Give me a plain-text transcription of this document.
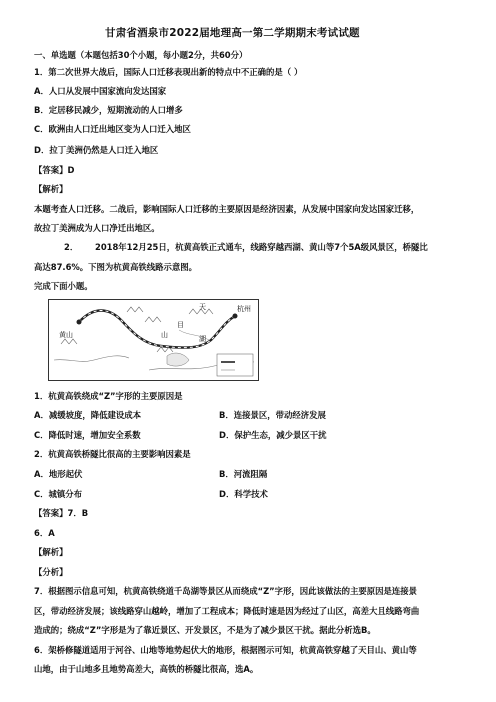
甘肃省酒泉市2022届地理高一第二学期期末考试试题
一、单选题（本题包括30个小题，每小题2分，共60分）
1．第二次世界大战后，国际人口迁移表现出新的特点中不正确的是（ ）
A．人口从发展中国家流向发达国家
B．定居移民减少，短期流动的人口增多
C．欧洲由人口迁出地区变为人口迁入地区
D．拉丁美洲仍然是人口迁入地区
【答案】D
【解析】
本题考查人口迁移。二战后，影响国际人口迁移的主要原因是经济因素，从发展中国家向发达国家迁移，
故拉丁美洲成为人口净迁出地区。
2． 2018年12月25日，杭黄高铁正式通车，线路穿越西湖、黄山等7个5A级风景区，桥隧比
高达87.6%。下图为杭黄高铁线路示意图。
完成下面小题。
黄山
杭州
天
目
山	湖
1．杭黄高铁绕成“Z”字形的主要原因是
A．减缓坡度，降低建设成本	B．连接景区，带动经济发展
C．降低时速，增加安全系数	D．保护生态，减少景区干扰
2．杭黄高铁桥隧比很高的主要影响因素是
A．地形起伏	B．河流阻隔
C．城镇分布	D．科学技术
【答案】7．B
6．A
【解析】
【分析】
7．根据图示信息可知，杭黄高铁绕道千岛湖等景区从而绕成“Z”字形，因此该做法的主要原因是连接景
区，带动经济发展；该线路穿山越岭，增加了工程成本；降低时速是因为经过了山区，高差大且线路弯曲
造成的；绕成“Z”字形是为了靠近景区、开发景区，不是为了减少景区干扰。据此分析选B。
6．架桥修隧道适用于河谷、山地等地势起伏大的地形，根据图示可知，杭黄高铁穿越了天目山、黄山等
山地，由于山地多且地势高差大，高铁的桥隧比很高，选A。
